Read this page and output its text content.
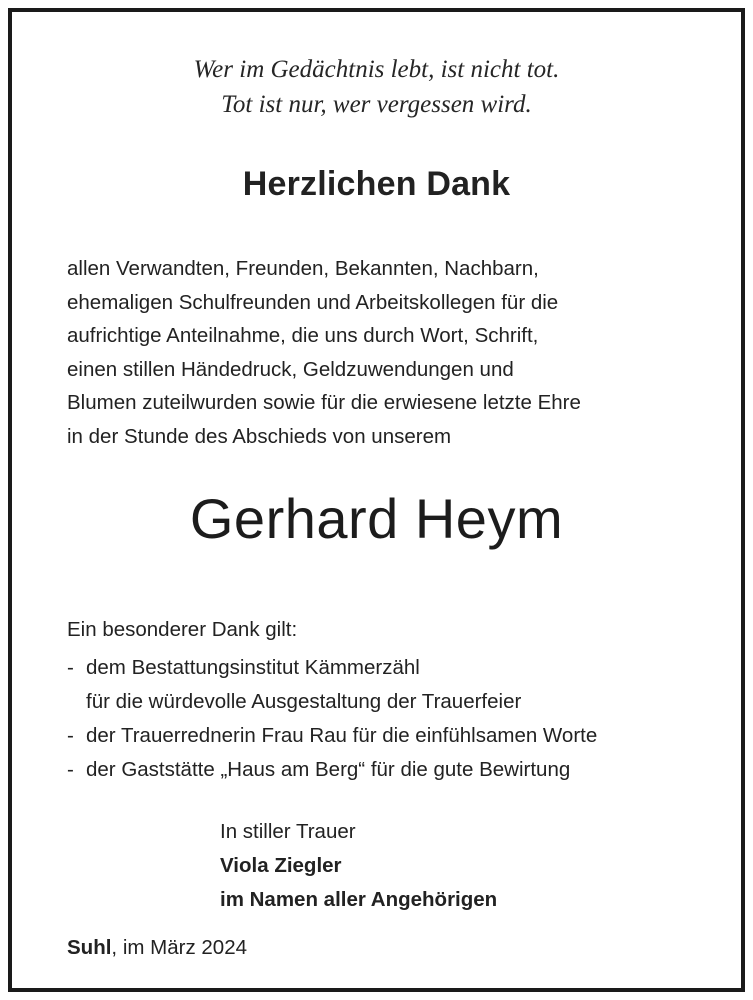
Wer im Gedächtnis lebt, ist nicht tot.
Tot ist nur, wer vergessen wird.
Herzlichen Dank
allen Verwandten, Freunden, Bekannten, Nachbarn,
ehemaligen Schulfreunden und Arbeitskollegen für die
aufrichtige Anteilnahme, die uns durch Wort, Schrift,
einen stillen Händedruck, Geldzuwendungen und
Blumen zuteilwurden sowie für die erwiesene letzte Ehre
in der Stunde des Abschieds von unserem
Gerhard Heym
Ein besonderer Dank gilt:
- dem Bestattungsinstitut Kämmerzähl
für die würdevolle Ausgestaltung der Trauerfeier
- der Trauerrednerin Frau Rau für die einfühlsamen Worte
- der Gaststätte „Haus am Berg“ für die gute Bewirtung
In stiller Trauer
Viola Ziegler
im Namen aller Angehörigen
Suhl, im März 2024
